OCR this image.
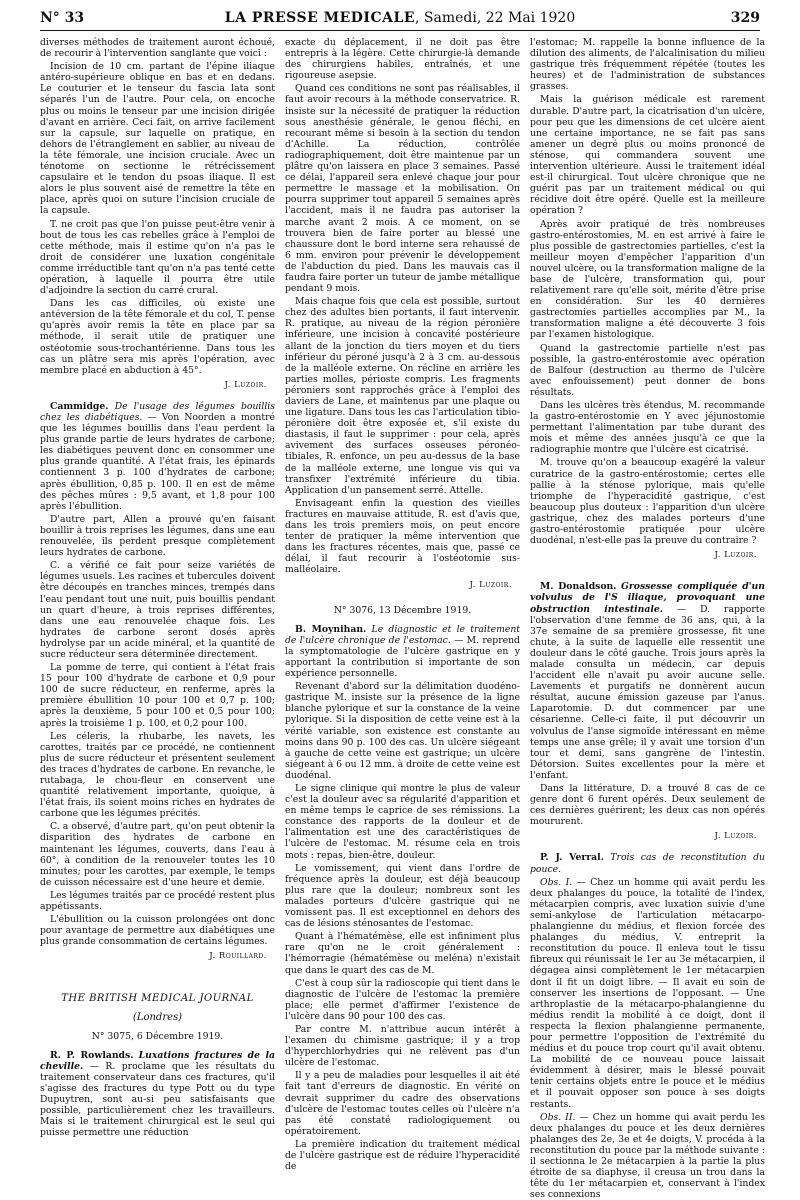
N° 33	LA PRESSE MEDICALE, Samedi, 22 Mai 1920	329

diverses méthodes de traitement auront échoué, de recourir à l'intervention sanglante que voici :

Incision de 10 cm. partant de l'épine iliaque antéro-supérieure oblique en bas et en dedans. Le couturier et le tenseur du fascia lata sont séparés l'un de l'autre. Pour cela, on encoche plus ou moins le tenseur par une incision dirigée d'avant en arrière. Ceci fait, on arrive facilement sur la capsule, sur laquelle on pratique, en dehors de l'étranglement en sablier, au niveau de la tête fémorale, une incision cruciale. Avec un ténotome on sectionne le rétrécissement capsulaire et le tendon du psoas iliaque. Il est alors le plus souvent aisé de remettre la tête en place, après quoi on suture l'incision cruciale de la capsule.

T. ne croit pas que l'on puisse peut-être venir à bout de tous les cas rebelles grâce à l'emploi de cette méthode, mais il estime qu'on n'a pas le droit de considérer une luxation congénitale comme irréductible tant qu'on n'a pas tenté cette opération, à laquelle il pourra être utile d'adjoindre la section du carré crural.

Dans les cas difficiles, où existe une antéversion de la tête fémorale et du col, T. pense qu'après avoir remis la tête en place par sa méthode, il serait utile de pratiquer une ostéotomie sous-trochantérienne. Dans tous les cas un plâtre sera mis après l'opération, avec membre placé en abduction à 45°.

J. Luzoir.

Cammidge. De l'usage des légumes bouillis chez les diabétiques. — Von Noorden a montré que les légumes bouillis dans l'eau perdent la plus grande partie de leurs hydrates de carbone; les diabétiques peuvent donc en consommer une plus grande quantité. A l'état frais, les épinards contiennent 3 p. 100 d'hydrates de carbone; après ébullition, 0,85 p. 100. Il en est de même des pêches mûres : 9,5 avant, et 1,8 pour 100 après l'ébullition.

D'autre part, Allen a prouvé qu'en faisant bouillir à trois reprises les légumes, dans une eau renouvelée, ils perdent presque complètement leurs hydrates de carbone.

C. a vérifié ce fait pour seize variétés de légumes usuels. Les racines et tubercules doivent être découpés en tranches minces, trempés dans l'eau pendant tout une nuit, puis bouillis pendant un quart d'heure, à trois reprises différentes, dans une eau renouvelée chaque fois. Les hydrates de carbone seront dosés après hydrolyse par un acide minéral, et la quantité de sucre réducteur sera déterminée directement.

La pomme de terre, qui contient à l'état frais 15 pour 100 d'hydrate de carbone et 0,9 pour 100 de sucre réducteur, en renferme, après la première ébullition 10 pour 100 et 0,7 p. 100; après la deuxième, 5 pour 100 et 0,5 pour 100; après la troisième 1 p. 100, et 0,2 pour 100.

Les céleris, la rhubarbe, les navets, les carottes, traités par ce procédé, ne contiennent plus de sucre réducteur et présentent seulement des traces d'hydrates de carbone. En revanche, le rutabaga, le chou-fleur en conservent une quantité relativement importante, quoique, à l'état frais, ils soient moins riches en hydrates de carbone que les légumes précités.

C. a observé, d'autre part, qu'on peut obtenir la disparition des hydrates de carbone en maintenant les légumes, couverts, dans l'eau à 60°, à condition de la renouveler toutes les 10 minutes; pour les carottes, par exemple, le temps de cuisson nécessaire est d'une heure et demie.

Les légumes traités par ce procédé restent plus appétissants.

L'ébullition ou la cuisson prolongées ont donc pour avantage de permettre aux diabétiques une plus grande consommation de certains légumes.

J. Rouillard.
THE BRITISH MEDICAL JOURNAL
(Londres)
N° 3075, 6 Décembre 1919.

R. P. Rowlands. Luxations fractures de la cheville. — R. proclame que les résultats du traitement conservateur dans ces fractures, qu'il s'agisse des fractures du type Pott ou du type Dupuytren, sont au-si peu satisfaisants que possible, particulièrement chez les travailleurs. Mais si le traitement chirurgical est le seul qui puisse permettre une réduction

exacte du déplacement, il ne doit pas être entrepris à la légère. Cette chirurgie-là demande des chirurgiens habiles, entraînés, et une rigoureuse asepsie.

Quand ces conditions ne sont pas réalisables, il faut avoir recours à la méthode conservatrice. R. insiste sur la nécessité de pratiquer la réduction sous anesthésie générale, le genou fléchi, en recourant même si besoin à la section du tendon d'Achille. La réduction, contrôlée radiographiquement, doit être maintenue par un plâtre qu'on laissera en place 3 semaines. Passé ce délai, l'appareil sera enlevé chaque jour pour permettre le massage et la mobilisation. On pourra supprimer tout appareil 5 semaines après l'accident, mais il ne faudra pas autoriser la marche avant 2 mois. A ce moment, on se trouvera bien de faire porter au blessé une chaussure dont le bord interne sera rehaussé de 6 mm. environ pour prévenir le développement de l'abduction du pied. Dans les mauvais cas il faudra faire porter un tuteur de jambe métallique pendant 9 mois.

Mais chaque fois que cela est possible, surtout chez des adultes bien portants, il faut intervenir. R. pratique, au niveau de la région péronière inférieure, une incision à concavité postérieure allant de la jonction du tiers moyen et du tiers inférieur du péroné jusqu'à 2 à 3 cm. au-dessous de la malléole externe. On récline en arrière les parties molles, périoste compris. Les fragments péroniers sont rapprochés grâce à l'emploi des daviers de Lane, et maintenus par une plaque ou une ligature. Dans tous les cas l'articulation tibio-péronière doit être exposée et, s'il existe du diastasis, il faut le supprimer : pour cela, après avivement des surfaces osseuses péronéo-tibiales, R. enfonce, un peu au-dessus de la base de la malléole externe, une longue vis qui va transfixer l'extrémité inférieure du tibia. Application d'un pansement serré. Attelle.

Envisageant enfin la question des vieilles fractures en mauvaise attitude, R. est d'avis que, dans les trois premiers mois, on peut encore tenter de pratiquer la même intervention que dans les fractures récentes, mais que, passé ce délai, il faut recourir à l'ostéotomie sus-malléolaire.

J. Luzoir.
N° 3076, 13 Décembre 1919.

B. Moynihan. Le diagnostic et le traitement de l'ulcère chronique de l'estomac. — M. reprend la symptomatologie de l'ulcère gastrique en y apportant la contribution si importante de son expérience personnelle.

Revenant d'abord sur la délimitation duodéno-gastrique M. insiste sur la présence de la ligne blanche pylorique et sur la constance de la veine pylorique. Si la disposition de cette veine est à la vérité variable, son existence est constante au moins dans 90 p. 100 des cas. Un ulcère siégeant à gauche de cette veine est gastrique; un ulcère siégeant à 6 ou 12 mm. à droite de cette veine est duodénal.

Le signe clinique qui montre le plus de valeur c'est la douleur avec sa régularité d'apparition et en même temps le caprice de ses rémissions. La constance des rapports de la douleur et de l'alimentation est une des caractéristiques de l'ulcère de l'estomac. M. résume cela en trois mots : repas, bien-être, douleur.

Le vomissement, qui vient dans l'ordre de fréquence après la douleur, est déjà beaucoup plus rare que la douleur; nombreux sont les malades porteurs d'ulcère gastrique qui ne vomissent pas. Il est exceptionnel en dehors des cas de lésions sténosantes de l'estomac.

Quant à l'hématémèse, elle est infiniment plus rare qu'on ne le croit généralement : l'hémorragie (hématémèse ou meléna) n'existait que dans le quart des cas de M.

C'est à coup sûr la radioscopie qui tient dans le diagnostic de l'ulcère de l'estomac la première place; elle permet d'affirmer l'existence de l'ulcère dans 90 pour 100 des cas.

Par contre M. n'attribue aucun intérêt à l'examen du chimisme gastrique; il y a trop d'hyperchlorhydries qui ne relèvent pas d'un ulcère de l'estomac.

Il y a peu de maladies pour lesquelles il ait été fait tant d'erreurs de diagnostic. En vérité on devrait supprimer du cadre des observations d'ulcère de l'estomac toutes celles où l'ulcère n'a pas été constaté radiologiquement ou opératoirement.

La première indication du traitement médical de l'ulcère gastrique est de réduire l'hyperacidité de

l'estomac; M. rappelle la bonne influence de la dilution des aliments, de l'alcalinisation du milieu gastrique très fréquemment répétée (toutes les heures) et de l'administration de substances grasses.

Mais la guérison médicale est rarement durable. D'autre part, la cicatrisation d'un ulcère, pour peu que les dimensions de cet ulcère aient une certaine importance, ne se fait pas sans amener un degré plus ou moins prononcé de sténose, qui commandera souvent une intervention ultérieure. Aussi le traitement idéal est-il chirurgical. Tout ulcère chronique que ne guérit pas par un traitement médical ou qui récidive doit être opéré. Quelle est la meilleure opération ?

Après avoir pratiqué de très nombreuses gastro-entérostomies, M. en est arrivé à faire le plus possible de gastrectomies partielles, c'est la meilleur moyen d'empêcher l'apparition d'un nouvel ulcère, ou la transformation maligne de la base de l'ulcère, transformation qui, pour relativement rare qu'elle soit, mérite d'être prise en considération. Sur les 40 dernières gastrectomies partielles accomplies par M., la transformation maligne a été découverte 3 fois par l'examen histologique.

Quand la gastrectomie partielle n'est pas possible, la gastro-entérostomie avec opération de Balfour (destruction au thermo de l'ulcère avec enfouissement) peut donner de bons résultats.

Dans les ulcères très étendus, M. recommande la gastro-entérostomie en Y avec jéjunostomie permettant l'alimentation par tube durant des mois et même des années jusqu'à ce que la radiographie montre que l'ulcère est cicatrisé.

M. trouve qu'on a beaucoup exagéré la valeur curatrice de la gastro-entérostomie; certes elle pallie à la sténose pylorique, mais qu'elle triomphe de l'hyperacidité gastrique, c'est beaucoup plus douteux : l'apparition d'un ulcère gastrique, chez des malades porteurs d'une gastro-entérostomie pratiquée pour ulcère duodénal, n'est-elle pas la preuve du contraire ?

J. Luzoir.

M. Donaldson. Grossesse compliquée d'un volvulus de l'S iliaque, provoquant une obstruction intestinale. — D. rapporte l'observation d'une femme de 36 ans, qui, à la 37e semaine de sa première grossesse, fit une chute, à la suite de laquelle elle ressentit une douleur dans le côté gauche. Trois jours après la malade consulta un médecin, car depuis l'accident elle n'avait pu avoir aucune selle. Lavements et purgatifs ne donnèrent aucun résultat, aucune émission gazeuse par l'anus. Laparotomie. D. dut commencer par une césarienne. Celle-ci faite, il put découvrir un volvulus de l'anse sigmoïde intéressant en même temps une anse grêle; il y avait une torsion d'un tour et demi, sans gangrène de l'intestin. Détorsion. Suites excellentes pour la mère et l'enfant.

Dans la littérature, D. a trouvé 8 cas de ce genre dont 6 furent opérés. Deux seulement de ces dernières guérirent; les deux cas non opérés moururent.

J. Luzoir.

P. J. Verral. Trois cas de reconstitution du pouce.

Obs. I. — Chez un homme qui avait perdu les deux phalanges du pouce, la totalité de l'index, métacarpien compris, avec luxation suivie d'une semi-ankylose de l'articulation métacarpo-phalangienne du médius, et flexion forcée des phalanges du médius, V. entreprit la reconstitution du pouce. Il enleva tout le tissu fibreux qui réunissait le 1er au 3e métacarpien, il dégagea ainsi complètement le 1er métacarpien dont il fit un doigt libre. — Il avait eu soin de conserver les insertions de l'opposant. — Une arthroplastie de la métacarpo-phalangienne du médius rendit la mobilité à ce doigt, dont il respecta la flexion phalangienne permanente, pour permettre l'opposition de l'extrémité du médius et du pouce trop court qu'il avait obtenu. La mobilité de ce nouveau pouce laissait évidemment à désirer, mais le blessé pouvait tenir certains objets entre le pouce et le médius et il pouvait opposer son pouce à ses doigts restants.

Obs. II. — Chez un homme qui avait perdu les deux phalanges du pouce et les deux dernières phalanges des 2e, 3e et 4e doigts, V. procéda à la reconstitution du pouce par la méthode suivante : il sectionna le 2e métacarpien à la partie la plus étroite de sa diaphyse, il creusa un trou dans la tête du 1er métacarpien et, conservant à l'index ses connexions
